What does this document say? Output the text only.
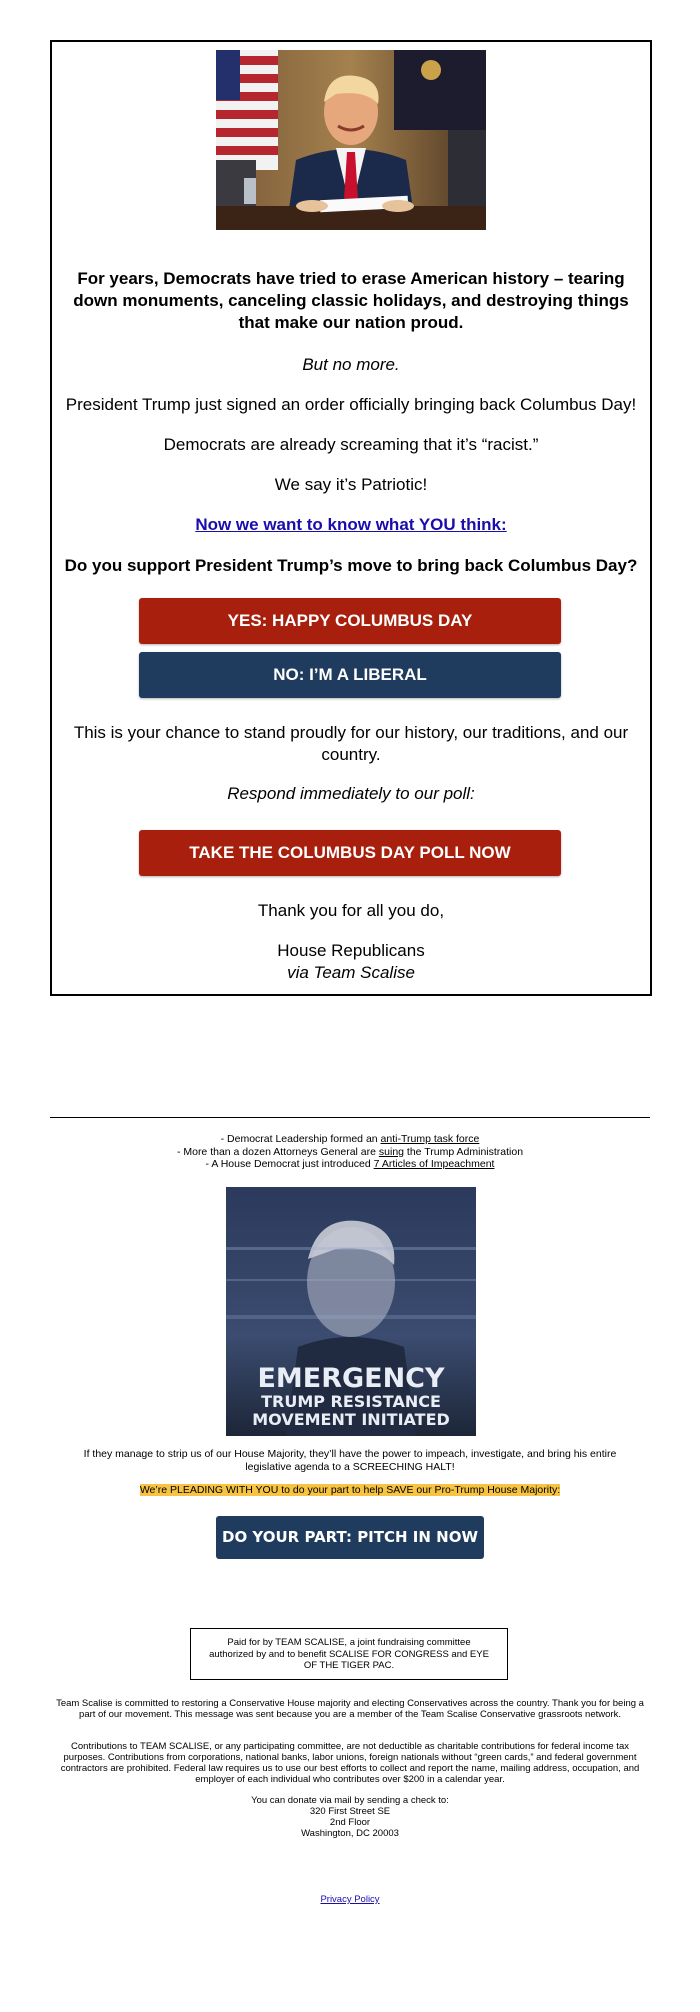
For years, Democrats have tried to erase American history – tearing down monuments, canceling classic holidays, and destroying things that make our nation proud.
But no more.
President Trump just signed an order officially bringing back Columbus Day!
Democrats are already screaming that it’s “racist.”
We say it’s Patriotic!
Now we want to know what YOU think:
Do you support President Trump’s move to bring back Columbus Day?
YES: HAPPY COLUMBUS DAY
NO: I’M A LIBERAL
This is your chance to stand proudly for our history, our traditions, and our country.
Respond immediately to our poll:
TAKE THE COLUMBUS DAY POLL NOW
Thank you for all you do,
House Republicans
via Team Scalise
- Democrat Leadership formed an anti-Trump task force
- More than a dozen Attorneys General are suing the Trump Administration
- A House Democrat just introduced 7 Articles of Impeachment
EMERGENCY
TRUMP RESISTANCE
MOVEMENT INITIATED
If they manage to strip us of our House Majority, they’ll have the power to impeach, investigate, and bring his entire legislative agenda to a SCREECHING HALT!
We’re PLEADING WITH YOU to do your part to help SAVE our Pro-Trump House Majority:
DO YOUR PART: PITCH IN NOW
Paid for by TEAM SCALISE, a joint fundraising committee authorized by and to benefit SCALISE FOR CONGRESS and EYE OF THE TIGER PAC.
Team Scalise is committed to restoring a Conservative House majority and electing Conservatives across the country. Thank you for being a part of our movement. This message was sent because you are a member of the Team Scalise Conservative grassroots network.
Contributions to TEAM SCALISE, or any participating committee, are not deductible as charitable contributions for federal income tax purposes. Contributions from corporations, national banks, labor unions, foreign nationals without “green cards,” and federal government contractors are prohibited. Federal law requires us to use our best efforts to collect and report the name, mailing address, occupation, and employer of each individual who contributes over $200 in a calendar year.
You can donate via mail by sending a check to:
320 First Street SE
2nd Floor
Washington, DC 20003
Privacy Policy
